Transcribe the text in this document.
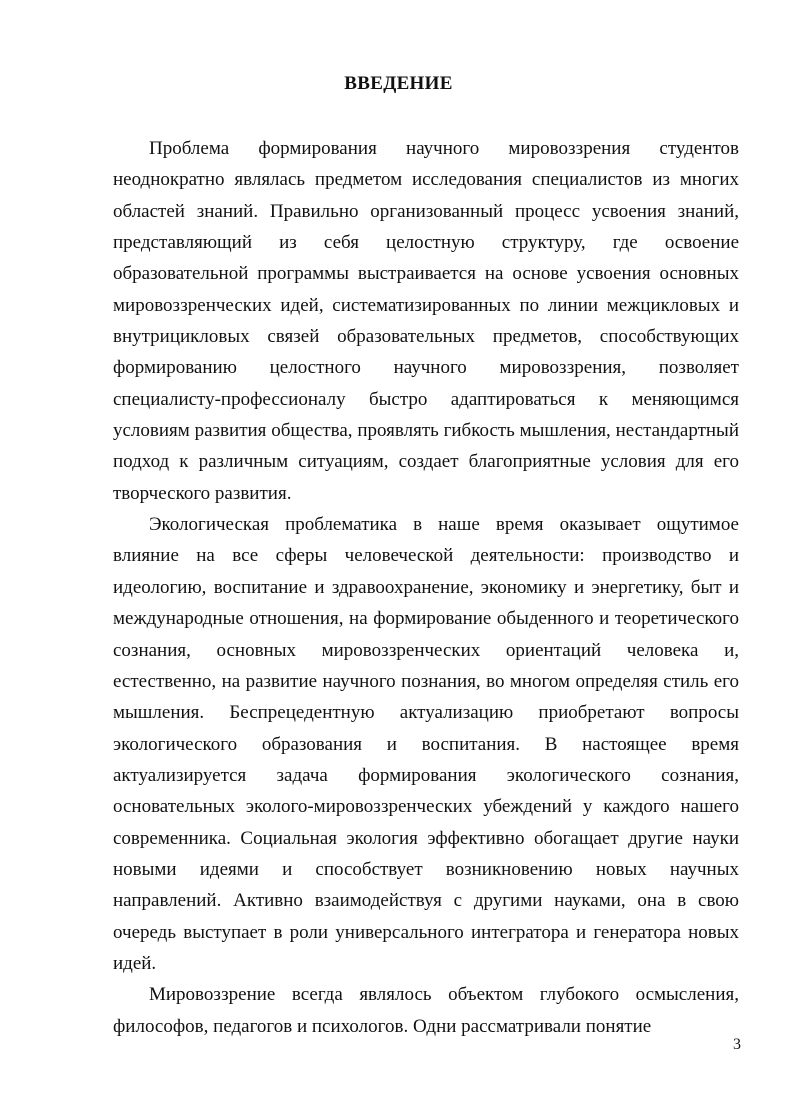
ВВЕДЕНИЕ

Проблема формирования научного мировоззрения студентов неоднократно являлась предметом исследования специалистов из многих областей знаний. Правильно организованный процесс усвоения знаний, представляющий из себя целостную структуру, где освоение образовательной программы выстраивается на основе усвоения основных мировоззренческих идей, систематизированных по линии межцикловых и внутрицикловых связей образовательных предметов, способствующих формированию целостного научного мировоззрения, позволяет специалисту-профессионалу быстро адаптироваться к меняющимся условиям развития общества, проявлять гибкость мышления, нестандартный подход к различным ситуациям, создает благоприятные условия для его творческого развития.

Экологическая проблематика в наше время оказывает ощутимое влияние на все сферы человеческой деятельности: производство и идеологию, воспитание и здравоохранение, экономику и энергетику, быт и международные отношения, на формирование обыденного и теоретического сознания, основных мировоззренческих ориентаций человека и, естественно, на развитие научного познания, во многом определяя стиль его мышления. Беспрецедентную актуализацию приобретают вопросы экологического образования и воспитания. В настоящее время актуализируется задача формирования экологического сознания, основательных эколого-мировоззренческих убеждений у каждого нашего современника. Социальная экология эффективно обогащает другие науки новыми идеями и способствует возникновению новых научных направлений. Активно взаимодействуя с другими науками, она в свою очередь выступает в роли универсального интегратора и генератора новых идей.

Мировоззрение всегда являлось объектом глубокого осмысления, философов, педагогов и психологов. Одни рассматривали понятие

3
